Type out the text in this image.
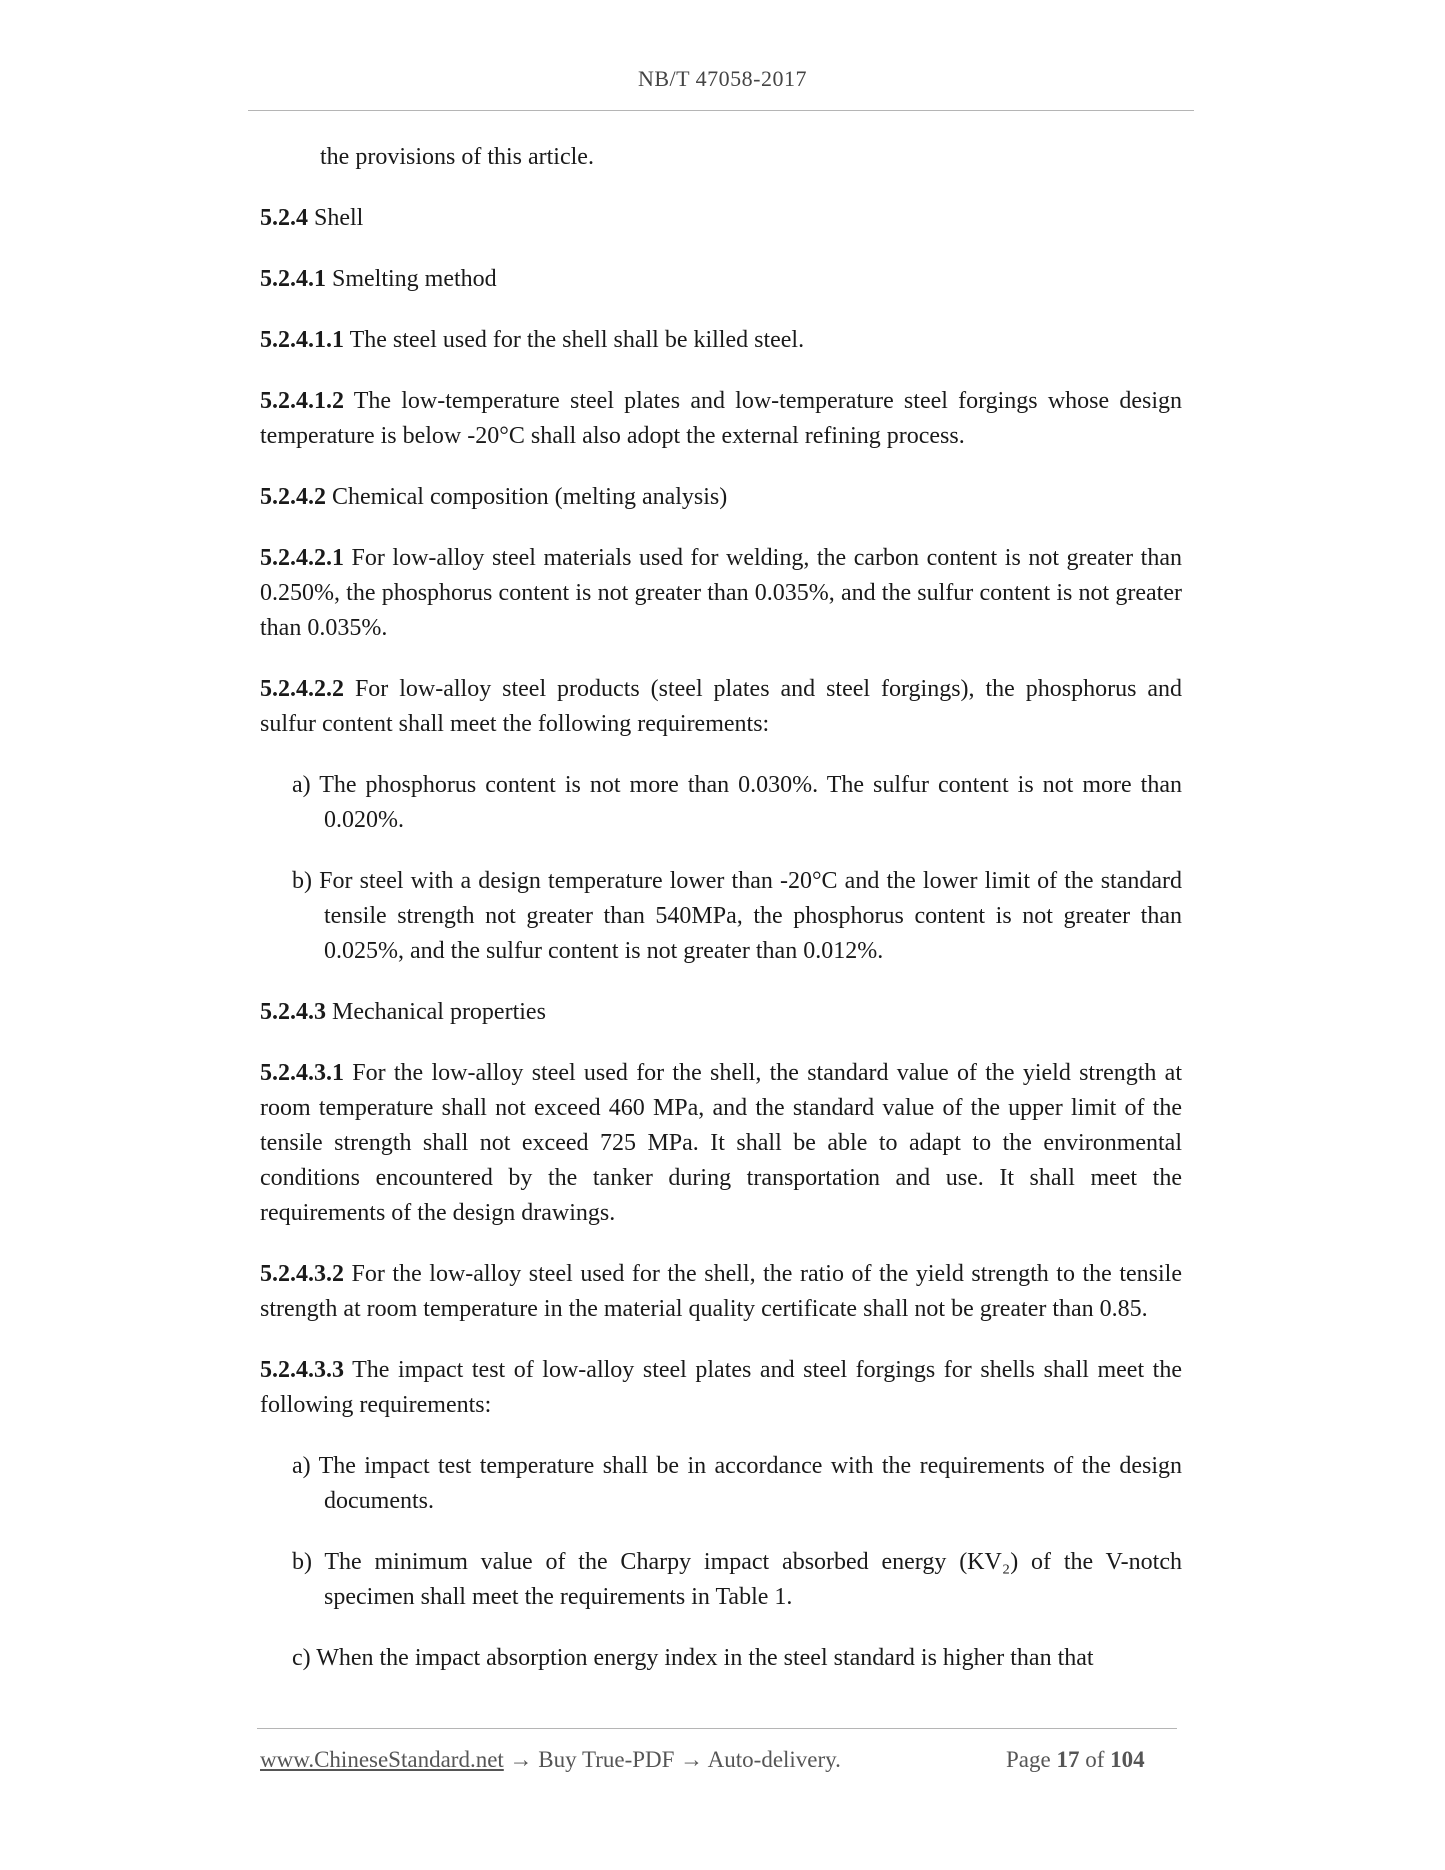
NB/T 47058-2017

the provisions of this article.

5.2.4 Shell

5.2.4.1 Smelting method

5.2.4.1.1 The steel used for the shell shall be killed steel.

5.2.4.1.2 The low-temperature steel plates and low-temperature steel forgings whose design temperature is below -20°C shall also adopt the external refining process.

5.2.4.2 Chemical composition (melting analysis)

5.2.4.2.1 For low-alloy steel materials used for welding, the carbon content is not greater than 0.250%, the phosphorus content is not greater than 0.035%, and the sulfur content is not greater than 0.035%.

5.2.4.2.2 For low-alloy steel products (steel plates and steel forgings), the phosphorus and sulfur content shall meet the following requirements:

a) The phosphorus content is not more than 0.030%. The sulfur content is not more than 0.020%.

b) For steel with a design temperature lower than -20°C and the lower limit of the standard tensile strength not greater than 540MPa, the phosphorus content is not greater than 0.025%, and the sulfur content is not greater than 0.012%.

5.2.4.3 Mechanical properties

5.2.4.3.1 For the low-alloy steel used for the shell, the standard value of the yield strength at room temperature shall not exceed 460 MPa, and the standard value of the upper limit of the tensile strength shall not exceed 725 MPa. It shall be able to adapt to the environmental conditions encountered by the tanker during transportation and use. It shall meet the requirements of the design drawings.

5.2.4.3.2 For the low-alloy steel used for the shell, the ratio of the yield strength to the tensile strength at room temperature in the material quality certificate shall not be greater than 0.85.

5.2.4.3.3 The impact test of low-alloy steel plates and steel forgings for shells shall meet the following requirements:

a) The impact test temperature shall be in accordance with the requirements of the design documents.

b) The minimum value of the Charpy impact absorbed energy (KV₂) of the V-notch specimen shall meet the requirements in Table 1.

c) When the impact absorption energy index in the steel standard is higher than that

www.ChineseStandard.net → Buy True-PDF → Auto-delivery.	Page 17 of 104
